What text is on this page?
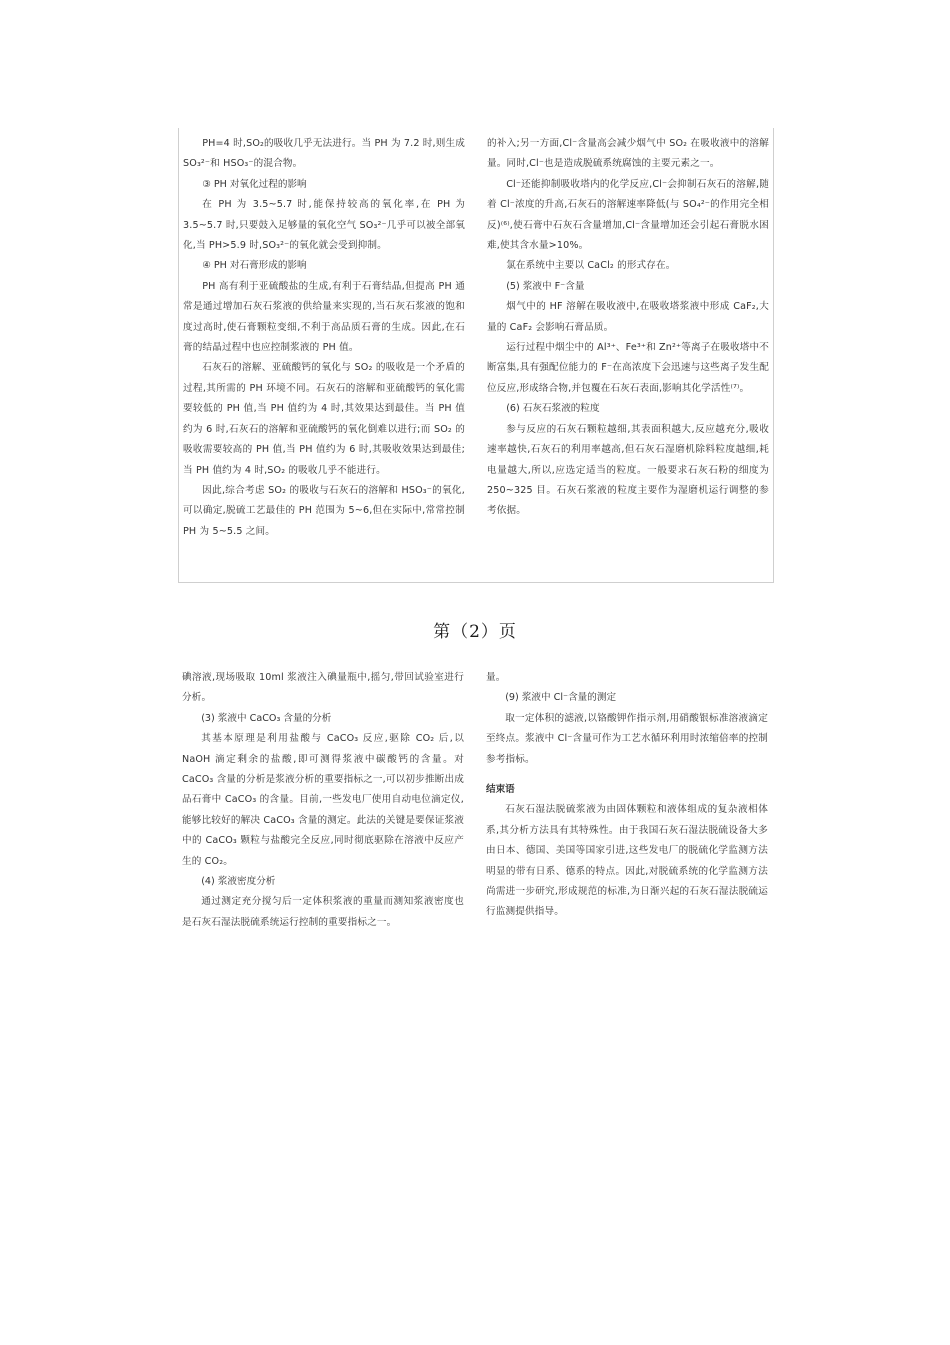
PH=4 时,SO₂的吸收几乎无法进行。当 PH 为 7.2 时,则生成 SO₃²⁻和 HSO₃⁻的混合物。

③ PH 对氧化过程的影响

在 PH 为 3.5~5.7 时,能保持较高的氧化率,在 PH 为 3.5~5.7 时,只要鼓入足够量的氧化空气 SO₃²⁻几乎可以被全部氧化,当 PH>5.9 时,SO₃²⁻的氧化就会受到抑制。

④ PH 对石膏形成的影响

PH 高有利于亚硫酸盐的生成,有利于石膏结晶,但提高 PH 通常是通过增加石灰石浆液的供给量来实现的,当石灰石浆液的饱和度过高时,使石膏颗粒变细,不利于高品质石膏的生成。因此,在石膏的结晶过程中也应控制浆液的 PH 值。

石灰石的溶解、亚硫酸钙的氧化与 SO₂ 的吸收是一个矛盾的过程,其所需的 PH 环境不同。石灰石的溶解和亚硫酸钙的氧化需要较低的 PH 值,当 PH 值约为 4 时,其效果达到最佳。当 PH 值约为 6 时,石灰石的溶解和亚硫酸钙的氧化倒难以进行;而 SO₂ 的吸收需要较高的 PH 值,当 PH 值约为 6 时,其吸收效果达到最佳;当 PH 值约为 4 时,SO₂ 的吸收几乎不能进行。

因此,综合考虑 SO₂ 的吸收与石灰石的溶解和 HSO₃⁻的氧化,可以确定,脱硫工艺最佳的 PH 范围为 5~6,但在实际中,常常控制 PH 为 5~5.5 之间。

的补入;另一方面,Cl⁻含量高会减少烟气中 SO₂ 在吸收液中的溶解量。同时,Cl⁻也是造成脱硫系统腐蚀的主要元素之一。

Cl⁻还能抑制吸收塔内的化学反应,Cl⁻会抑制石灰石的溶解,随着 Cl⁻浓度的升高,石灰石的溶解速率降低(与 SO₄²⁻的作用完全相反)⁽⁶⁾,使石膏中石灰石含量增加,Cl⁻含量增加还会引起石膏脱水困难,使其含水量>10%。

氯在系统中主要以 CaCl₂ 的形式存在。

(5) 浆液中 F⁻含量

烟气中的 HF 溶解在吸收液中,在吸收塔浆液中形成 CaF₂,大量的 CaF₂ 会影响石膏品质。

运行过程中烟尘中的 Al³⁺、Fe³⁺和 Zn²⁺等离子在吸收塔中不断富集,具有强配位能力的 F⁻在高浓度下会迅速与这些离子发生配位反应,形成络合物,并包覆在石灰石表面,影响其化学活性⁽⁷⁾。

(6) 石灰石浆液的粒度

参与反应的石灰石颗粒越细,其表面积越大,反应越充分,吸收速率越快,石灰石的利用率越高,但石灰石湿磨机除料粒度越细,耗电量越大,所以,应选定适当的粒度。一般要求石灰石粉的细度为 250~325 目。石灰石浆液的粒度主要作为湿磨机运行调整的参考依据。

第（2）页

碘溶液,现场吸取 10ml 浆液注入碘量瓶中,摇匀,带回试验室进行分析。

(3) 浆液中 CaCO₃ 含量的分析

其基本原理是利用盐酸与 CaCO₃ 反应,驱除 CO₂ 后,以 NaOH 滴定剩余的盐酸,即可测得浆液中碳酸钙的含量。对 CaCO₃ 含量的分析是浆液分析的重要指标之一,可以初步推断出成品石膏中 CaCO₃ 的含量。目前,一些发电厂使用自动电位滴定仪,能够比较好的解决 CaCO₃ 含量的测定。此法的关键是要保证浆液中的 CaCO₃ 颗粒与盐酸完全反应,同时彻底驱除在溶液中反应产生的 CO₂。

(4) 浆液密度分析

通过测定充分搅匀后一定体积浆液的重量而测知浆液密度也是石灰石湿法脱硫系统运行控制的重要指标之一。

量。

(9) 浆液中 Cl⁻含量的测定

取一定体积的滤液,以铬酸钾作指示剂,用硝酸银标准溶液滴定至终点。浆液中 Cl⁻含量可作为工艺水循环利用时浓缩倍率的控制参考指标。

结束语

石灰石湿法脱硫浆液为由固体颗粒和液体组成的复杂液相体系,其分析方法具有其特殊性。由于我国石灰石湿法脱硫设备大多由日本、德国、美国等国家引进,这些发电厂的脱硫化学监测方法明显的带有日系、德系的特点。因此,对脱硫系统的化学监测方法尚需进一步研究,形成规范的标准,为日渐兴起的石灰石湿法脱硫运行监测提供指导。
